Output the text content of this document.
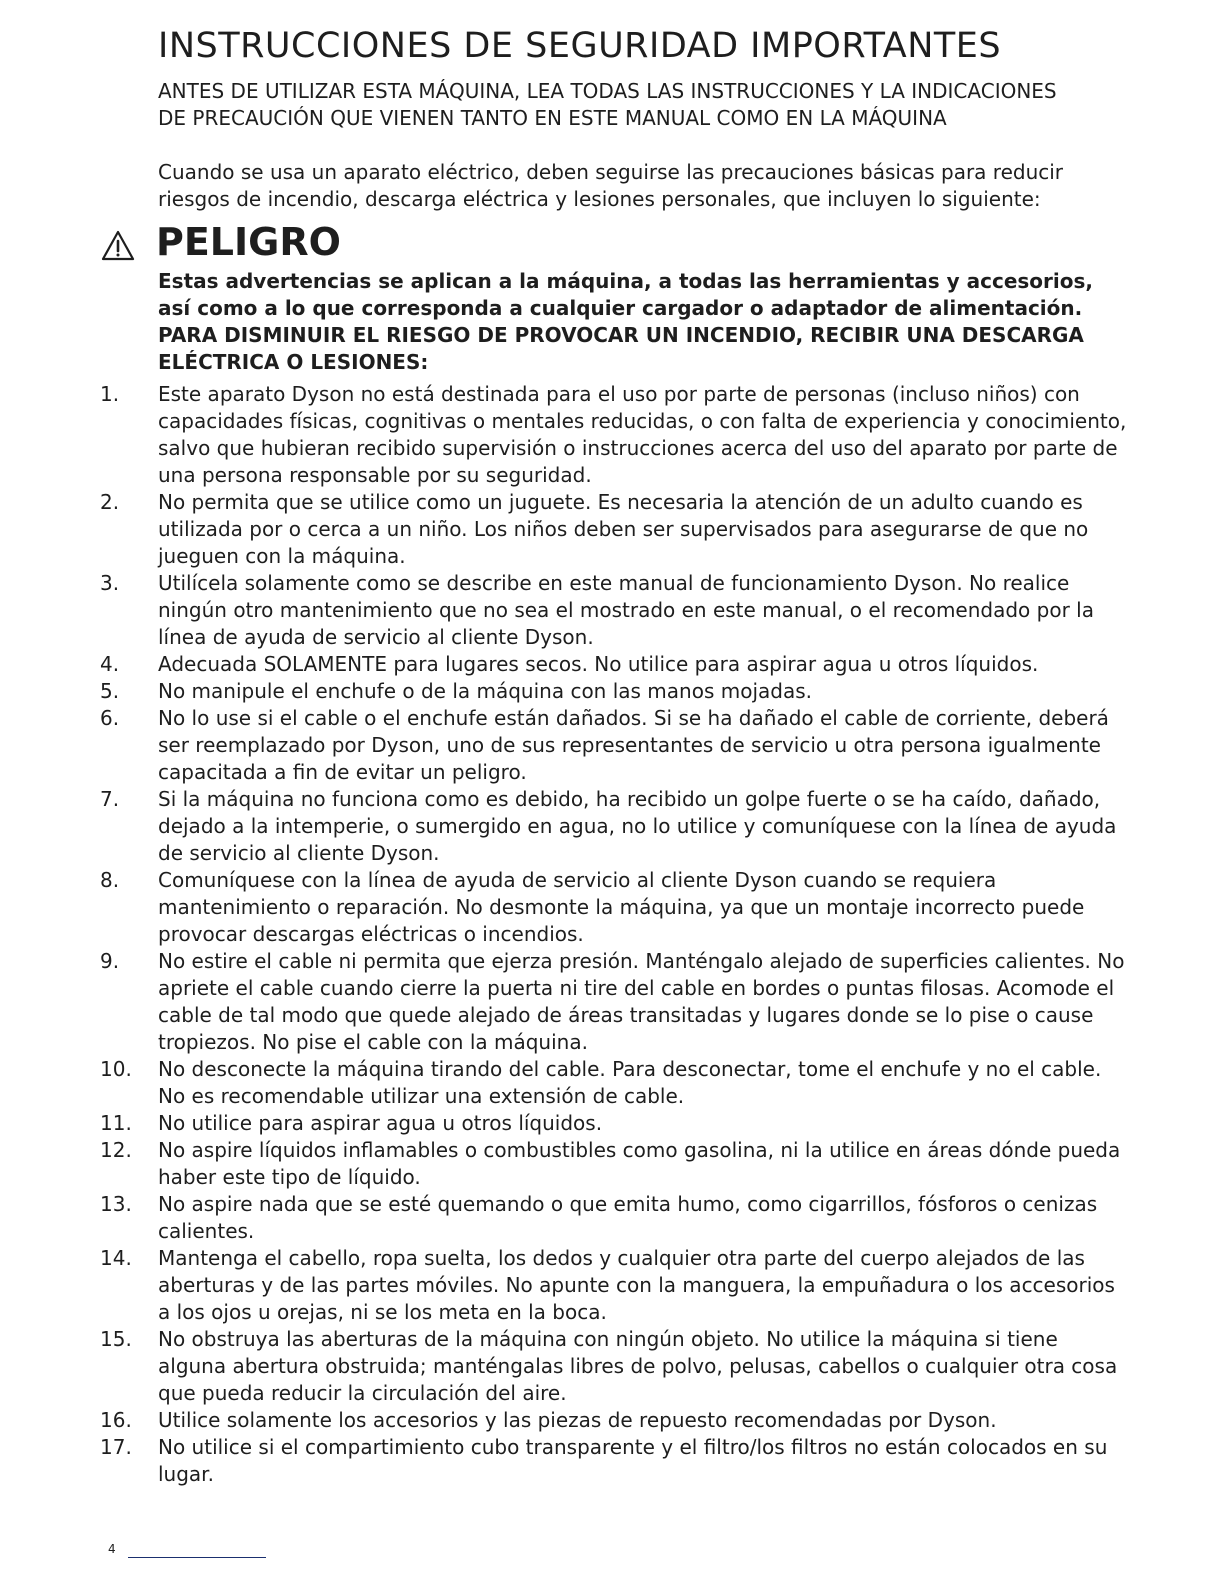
INSTRUCCIONES DE SEGURIDAD IMPORTANTES

ANTES DE UTILIZAR ESTA MÁQUINA, LEA TODAS LAS INSTRUCCIONES Y LA INDICACIONES DE PRECAUCIÓN QUE VIENEN TANTO EN ESTE MANUAL COMO EN LA MÁQUINA

Cuando se usa un aparato eléctrico, deben seguirse las precauciones básicas para reducir riesgos de incendio, descarga eléctrica y lesiones personales, que incluyen lo siguiente:

PELIGRO

Estas advertencias se aplican a la máquina, a todas las herramientas y accesorios, así como a lo que corresponda a cualquier cargador o adaptador de alimentación.

PARA DISMINUIR EL RIESGO DE PROVOCAR UN INCENDIO, RECIBIR UNA DESCARGA ELÉCTRICA O LESIONES:

1.	Este aparato Dyson no está destinada para el uso por parte de personas (incluso niños) con capacidades físicas, cognitivas o mentales reducidas, o con falta de experiencia y conocimiento, salvo que hubieran recibido supervisión o instrucciones acerca del uso del aparato por parte de una persona responsable por su seguridad.
2.	No permita que se utilice como un juguete. Es necesaria la atención de un adulto cuando es utilizada por o cerca a un niño. Los niños deben ser supervisados para asegurarse de que no jueguen con la máquina.
3.	Utilícela solamente como se describe en este manual de funcionamiento Dyson. No realice ningún otro mantenimiento que no sea el mostrado en este manual, o el recomendado por la línea de ayuda de servicio al cliente Dyson.
4.	Adecuada SOLAMENTE para lugares secos. No utilice para aspirar agua u otros líquidos.
5.	No manipule el enchufe o de la máquina con las manos mojadas.
6.	No lo use si el cable o el enchufe están dañados. Si se ha dañado el cable de corriente, deberá ser reemplazado por Dyson, uno de sus representantes de servicio u otra persona igualmente capacitada a fin de evitar un peligro.
7.	Si la máquina no funciona como es debido, ha recibido un golpe fuerte o se ha caído, dañado, dejado a la intemperie, o sumergido en agua, no lo utilice y comuníquese con la línea de ayuda de servicio al cliente Dyson.
8.	Comuníquese con la línea de ayuda de servicio al cliente Dyson cuando se requiera mantenimiento o reparación. No desmonte la máquina, ya que un montaje incorrecto puede provocar descargas eléctricas o incendios.
9.	No estire el cable ni permita que ejerza presión. Manténgalo alejado de superficies calientes. No apriete el cable cuando cierre la puerta ni tire del cable en bordes o puntas filosas. Acomode el cable de tal modo que quede alejado de áreas transitadas y lugares donde se lo pise o cause tropiezos. No pise el cable con la máquina.
10.	No desconecte la máquina tirando del cable. Para desconectar, tome el enchufe y no el cable. No es recomendable utilizar una extensión de cable.
11.	No utilice para aspirar agua u otros líquidos.
12.	No aspire líquidos inflamables o combustibles como gasolina, ni la utilice en áreas dónde pueda haber este tipo de líquido.
13.	No aspire nada que se esté quemando o que emita humo, como cigarrillos, fósforos o cenizas calientes.
14.	Mantenga el cabello, ropa suelta, los dedos y cualquier otra parte del cuerpo alejados de las aberturas y de las partes móviles. No apunte con la manguera, la empuñadura o los accesorios a los ojos u orejas, ni se los meta en la boca.
15.	No obstruya las aberturas de la máquina con ningún objeto. No utilice la máquina si tiene alguna abertura obstruida; manténgalas libres de polvo, pelusas, cabellos o cualquier otra cosa que pueda reducir la circulación del aire.
16.	Utilice solamente los accesorios y las piezas de repuesto recomendadas por Dyson.
17.	No utilice si el compartimiento cubo transparente y el filtro/los filtros no están colocados en su lugar.
4
